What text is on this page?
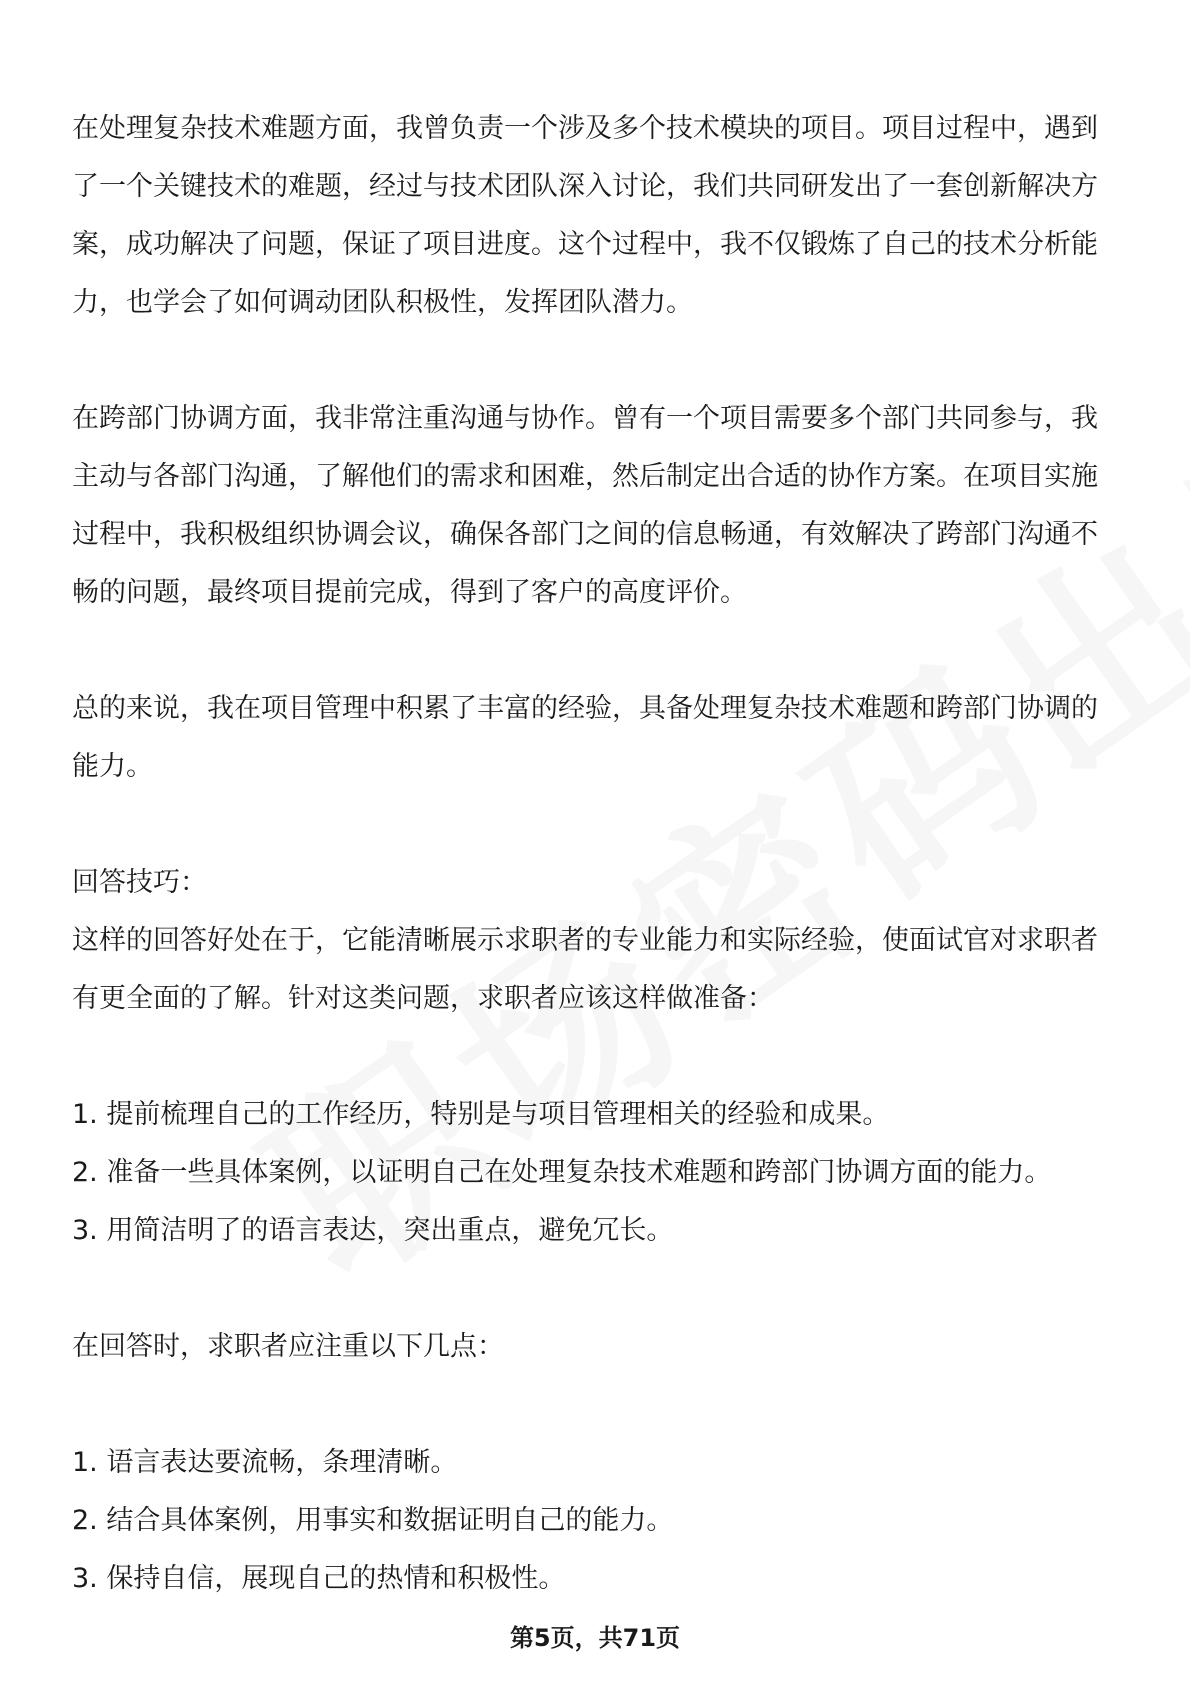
在处理复杂技术难题方面，我曾负责一个涉及多个技术模块的项目。项目过程中，遇到了一个关键技术的难题，经过与技术团队深入讨论，我们共同研发出了一套创新解决方案，成功解决了问题，保证了项目进度。这个过程中，我不仅锻炼了自己的技术分析能力，也学会了如何调动团队积极性，发挥团队潜力。

在跨部门协调方面，我非常注重沟通与协作。曾有一个项目需要多个部门共同参与，我主动与各部门沟通，了解他们的需求和困难，然后制定出合适的协作方案。在项目实施过程中，我积极组织协调会议，确保各部门之间的信息畅通，有效解决了跨部门沟通不畅的问题，最终项目提前完成，得到了客户的高度评价。

总的来说，我在项目管理中积累了丰富的经验，具备处理复杂技术难题和跨部门协调的能力。

回答技巧：

这样的回答好处在于，它能清晰展示求职者的专业能力和实际经验，使面试官对求职者有更全面的了解。针对这类问题，求职者应该这样做准备：

1. 提前梳理自己的工作经历，特别是与项目管理相关的经验和成果。

2. 准备一些具体案例，以证明自己在处理复杂技术难题和跨部门协调方面的能力。

3. 用简洁明了的语言表达，突出重点，避免冗长。

在回答时，求职者应注重以下几点：

1. 语言表达要流畅，条理清晰。

2. 结合具体案例，用事实和数据证明自己的能力。

3. 保持自信，展现自己的热情和积极性。

第5页，共71页
